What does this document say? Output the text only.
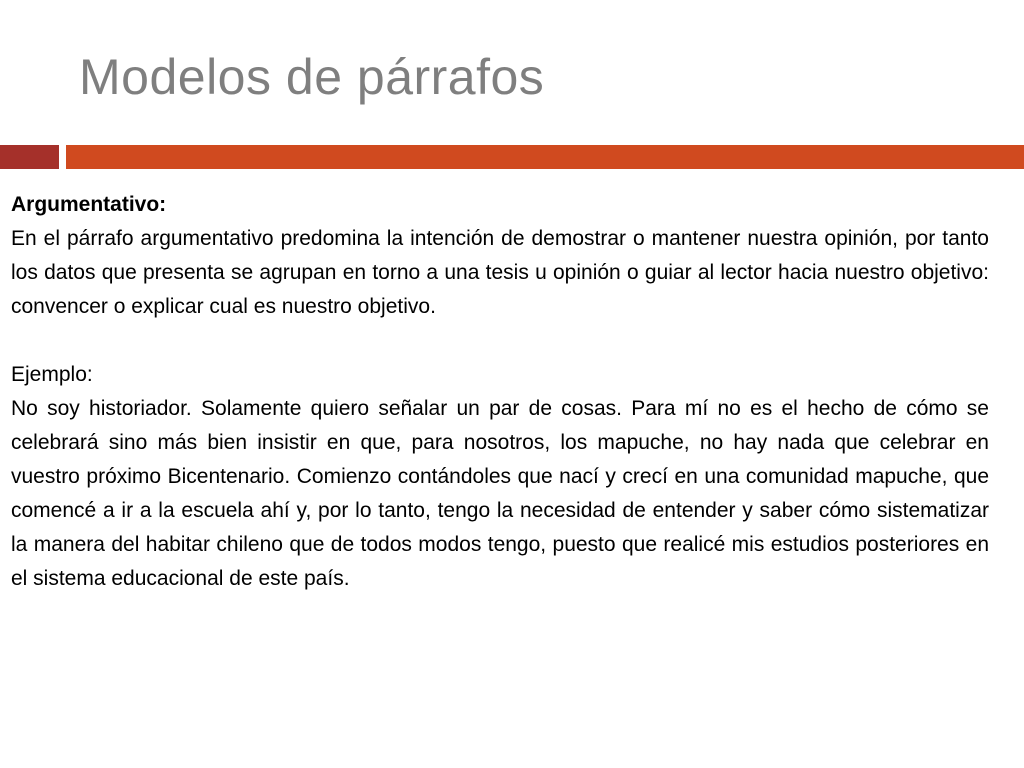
Modelos de párrafos

Argumentativo:

En el párrafo argumentativo predomina la intención de demostrar o mantener nuestra opinión, por tanto los datos que presenta se agrupan en torno a una tesis u opinión o guiar al lector hacia nuestro objetivo: convencer o explicar cual es nuestro objetivo.

Ejemplo:

No soy historiador. Solamente quiero señalar un par de cosas. Para mí no es el hecho de cómo se celebrará sino más bien insistir en que, para nosotros, los mapuche, no hay nada que celebrar en vuestro próximo Bicentenario. Comienzo contándoles que nací y crecí en una comunidad mapuche, que comencé a ir a la escuela ahí y, por lo tanto, tengo la necesidad de entender y saber cómo sistematizar la manera del habitar chileno que de todos modos tengo, puesto que realicé mis estudios posteriores en el sistema educacional de este país.
